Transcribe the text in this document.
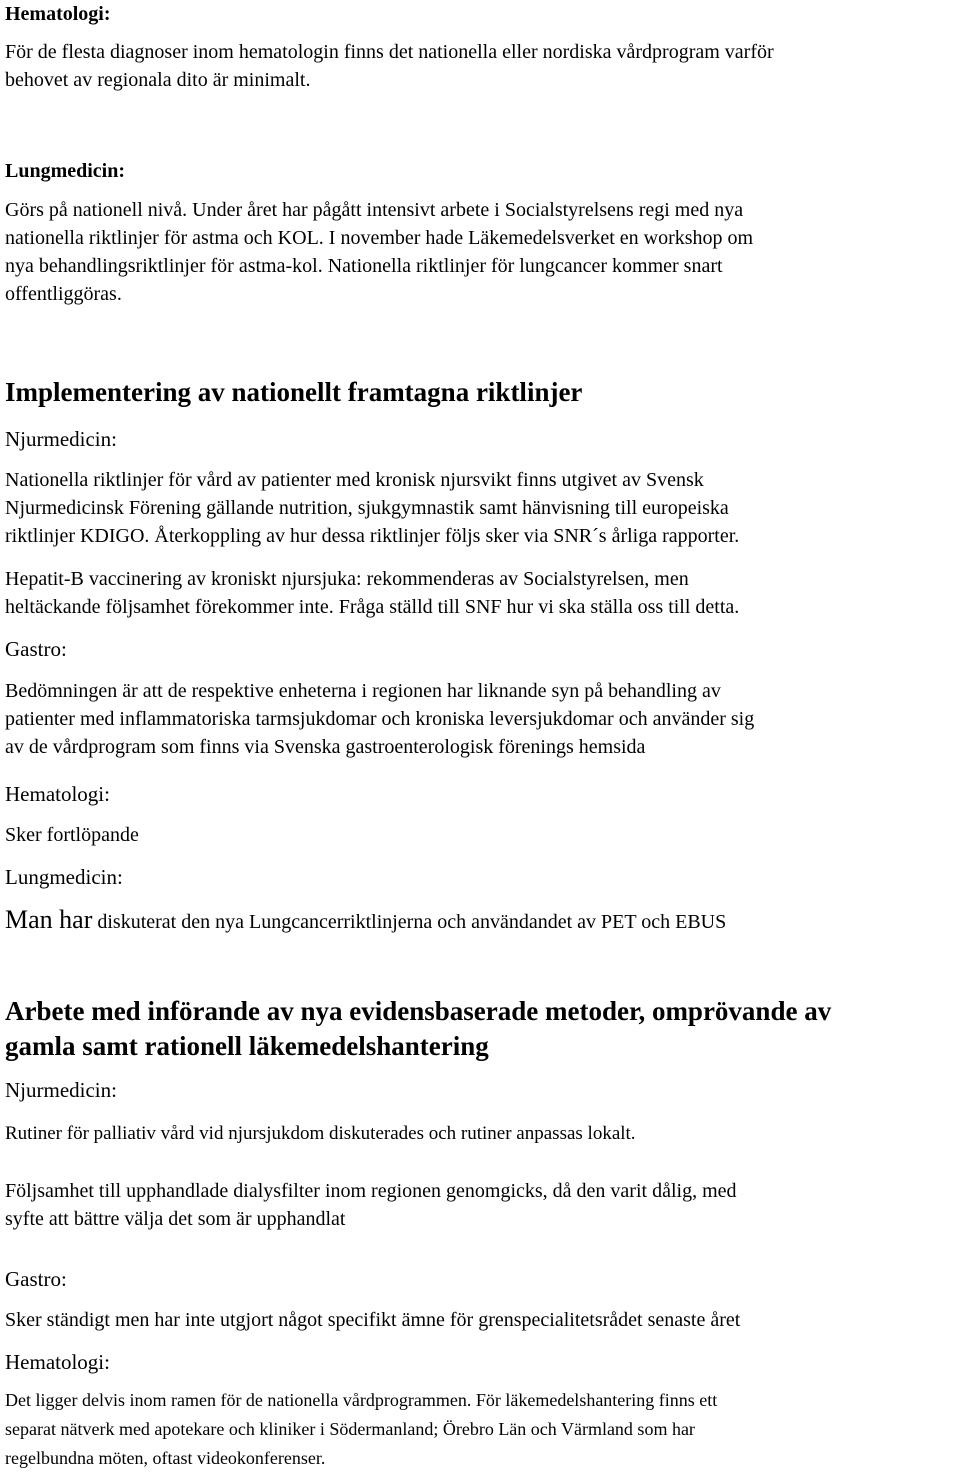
Hematologi:
För de flesta diagnoser inom hematologin finns det nationella eller nordiska vårdprogram varför
behovet av regionala dito är minimalt.
Lungmedicin:
Görs på nationell nivå. Under året har pågått intensivt arbete i Socialstyrelsens regi med nya
nationella riktlinjer för astma och KOL. I november hade Läkemedelsverket en workshop om
nya behandlingsriktlinjer för astma-kol. Nationella riktlinjer för lungcancer kommer snart
offentliggöras.
Implementering av nationellt framtagna riktlinjer
Njurmedicin:
Nationella riktlinjer för vård av patienter med kronisk njursvikt finns utgivet av Svensk
Njurmedicinsk Förening gällande nutrition, sjukgymnastik samt hänvisning till europeiska
riktlinjer KDIGO. Återkoppling av hur dessa riktlinjer följs sker via SNR´s årliga rapporter.
Hepatit-B vaccinering av kroniskt njursjuka: rekommenderas av Socialstyrelsen, men
heltäckande följsamhet förekommer inte. Fråga ställd till SNF hur vi ska ställa oss till detta.
Gastro:
Bedömningen är att de respektive enheterna i regionen har liknande syn på behandling av
patienter med inflammatoriska tarmsjukdomar och kroniska leversjukdomar och använder sig
av de vårdprogram som finns via Svenska gastroenterologisk förenings hemsida
Hematologi:
Sker fortlöpande
Lungmedicin:
Man har diskuterat den nya Lungcancerriktlinjerna och användandet av PET och EBUS
Arbete med införande av nya evidensbaserade metoder, omprövande av
gamla samt rationell läkemedelshantering
Njurmedicin:
Rutiner för palliativ vård vid njursjukdom diskuterades och rutiner anpassas lokalt.
Följsamhet till upphandlade dialysfilter inom regionen genomgicks, då den varit dålig, med
syfte att bättre välja det som är upphandlat
Gastro:
Sker ständigt men har inte utgjort något specifikt ämne för grenspecialitetsrådet senaste året
Hematologi:
Det ligger delvis inom ramen för de nationella vårdprogrammen. För läkemedelshantering finns ett
separat nätverk med apotekare och kliniker i Södermanland; Örebro Län och Värmland som har
regelbundna möten, oftast videokonferenser.
